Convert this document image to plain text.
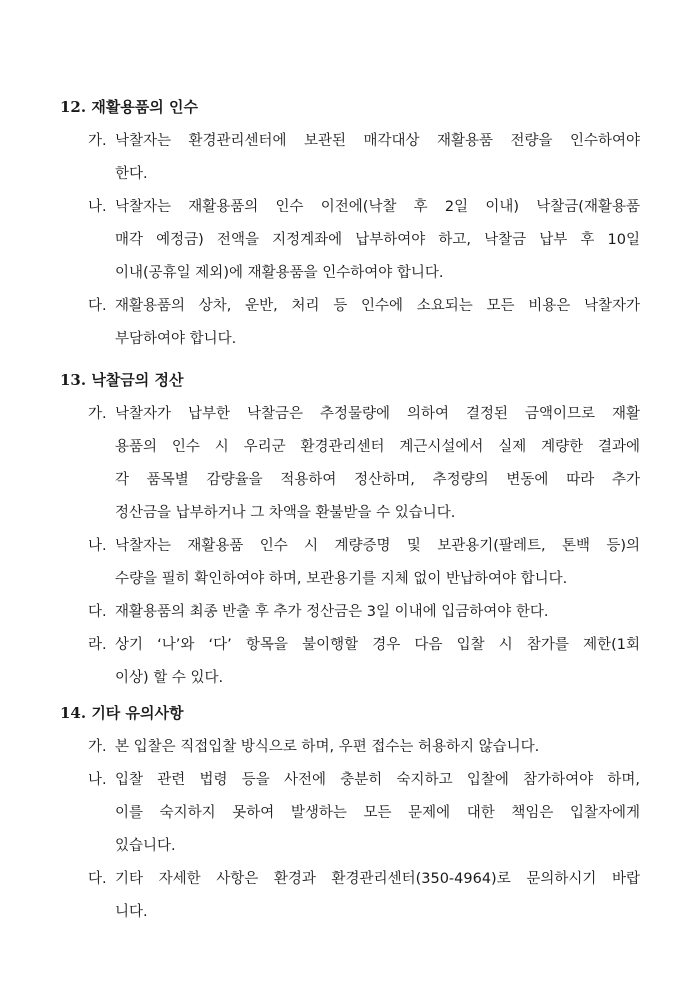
12. 재활용품의 인수
가. 낙찰자는 환경관리센터에 보관된 매각대상 재활용품 전량을 인수하여야
한다.
나. 낙찰자는 재활용품의 인수 이전에(낙찰 후 2일 이내) 낙찰금(재활용품
매각 예정금) 전액을 지정계좌에 납부하여야 하고, 낙찰금 납부 후 10일
이내(공휴일 제외)에 재활용품을 인수하여야 합니다.
다. 재활용품의 상차, 운반, 처리 등 인수에 소요되는 모든 비용은 낙찰자가
부담하여야 합니다.
13. 낙찰금의 정산
가. 낙찰자가 납부한 낙찰금은 추정물량에 의하여 결정된 금액이므로 재활
용품의 인수 시 우리군 환경관리센터 계근시설에서 실제 계량한 결과에
각 품목별 감량율을 적용하여 정산하며, 추정량의 변동에 따라 추가
정산금을 납부하거나 그 차액을 환불받을 수 있습니다.
나. 낙찰자는 재활용품 인수 시 계량증명 및 보관용기(팔레트, 톤백 등)의
수량을 필히 확인하여야 하며, 보관용기를 지체 없이 반납하여야 합니다.
다. 재활용품의 최종 반출 후 추가 정산금은 3일 이내에 입금하여야 한다.
라. 상기 ‘나’와 ‘다’ 항목을 불이행할 경우 다음 입찰 시 참가를 제한(1회
이상) 할 수 있다.
14. 기타 유의사항
가. 본 입찰은 직접입찰 방식으로 하며, 우편 접수는 허용하지 않습니다.
나. 입찰 관련 법령 등을 사전에 충분히 숙지하고 입찰에 참가하여야 하며,
이를 숙지하지 못하여 발생하는 모든 문제에 대한 책임은 입찰자에게
있습니다.
다. 기타 자세한 사항은 환경과 환경관리센터(350-4964)로 문의하시기 바랍
니다.
